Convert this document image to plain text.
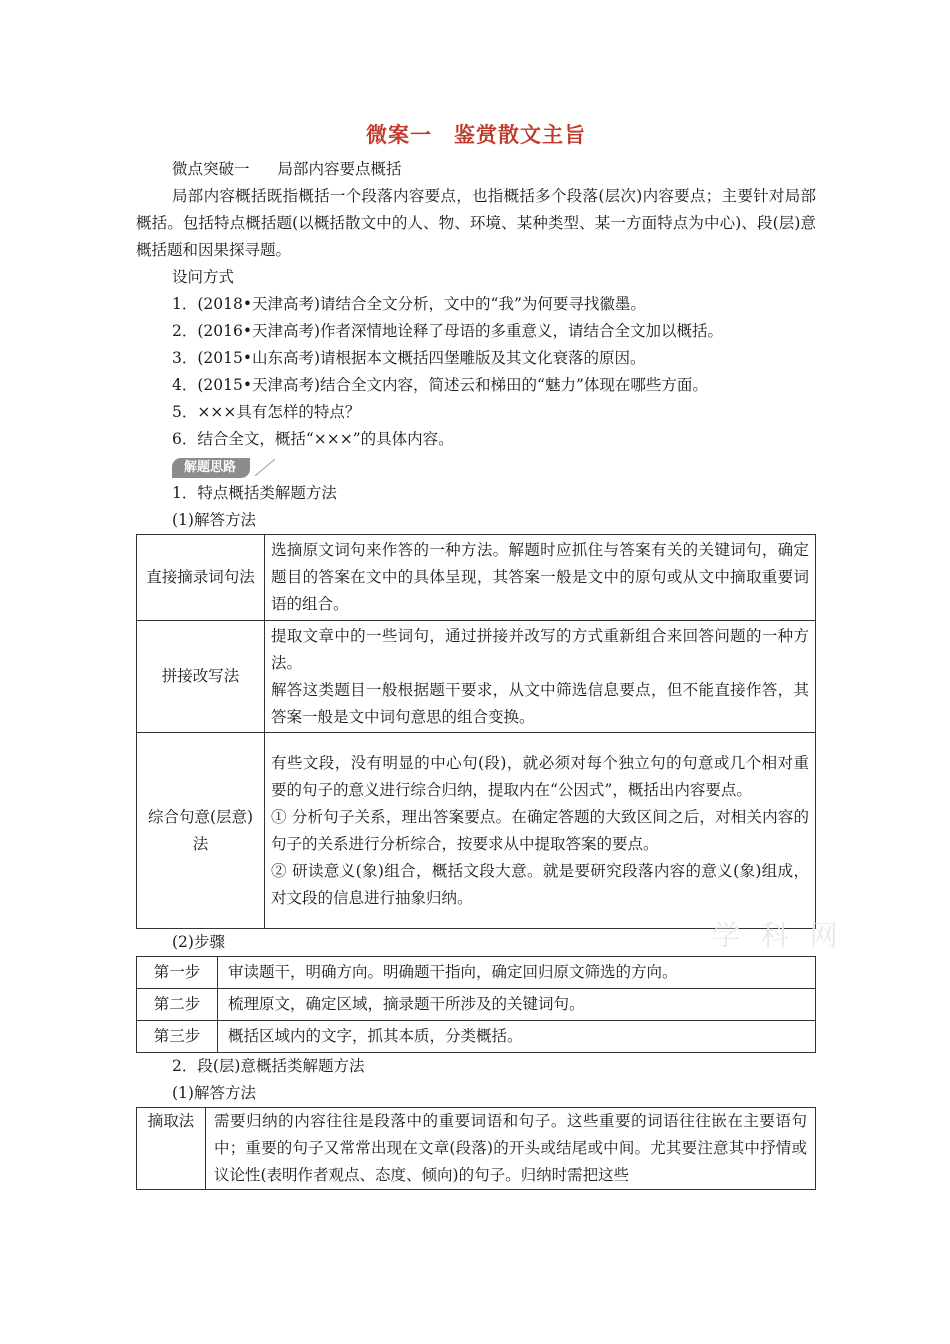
微案一 鉴赏散文主旨

微点突破一 局部内容要点概括

局部内容概括既指概括一个段落内容要点，也指概括多个段落(层次)内容要点；主要针对局部概括。包括特点概括题(以概括散文中的人、物、环境、某种类型、某一方面特点为中心)、段(层)意概括题和因果探寻题。

设问方式

1．(2018•天津高考)请结合全文分析，文中的“我”为何要寻找徽墨。

2．(2016•天津高考)作者深情地诠释了母语的多重意义，请结合全文加以概括。

3．(2015•山东高考)请根据本文概括四堡雕版及其文化衰落的原因。

4．(2015•天津高考)结合全文内容，简述云和梯田的“魅力”体现在哪些方面。

5．×××具有怎样的特点？

6．结合全文，概括“×××”的具体内容。

解题思路

1．特点概括类解题方法

(1)解答方法

直接摘录词句法	选摘原文词句来作答的一种方法。解题时应抓住与答案有关的关键词句，确定题目的答案在文中的具体呈现，其答案一般是文中的原句或从文中摘取重要词语的组合。

拼接改写法	提取文章中的一些词句，通过拼接并改写的方式重新组合来回答问题的一种方法。
解答这类题目一般根据题干要求，从文中筛选信息要点，但不能直接作答，其答案一般是文中词句意思的组合变换。

综合句意(层意)法	有些文段，没有明显的中心句(段)，就必须对每个独立句的句意或几个相对重要的句子的意义进行综合归纳，提取内在“公因式”，概括出内容要点。
① 分析句子关系，理出答案要点。在确定答题的大致区间之后，对相关内容的句子的关系进行分析综合，按要求从中提取答案的要点。
② 研读意义(象)组合，概括文段大意。就是要研究段落内容的意义(象)组成，对文段的信息进行抽象归纳。

(2)步骤

第一步	审读题干，明确方向。明确题干指向，确定回归原文筛选的方向。
第二步	梳理原文，确定区域，摘录题干所涉及的关键词句。
第三步	概括区域内的文字，抓其本质，分类概括。

2．段(层)意概括类解题方法

(1)解答方法

摘取法	需要归纳的内容往往是段落中的重要词语和句子。这些重要的词语往往嵌在主要语句中；重要的句子又常常出现在文章(段落)的开头或结尾或中间。尤其要注意其中抒情或议论性(表明作者观点、态度、倾向)的句子。归纳时需把这些
学 科 网
